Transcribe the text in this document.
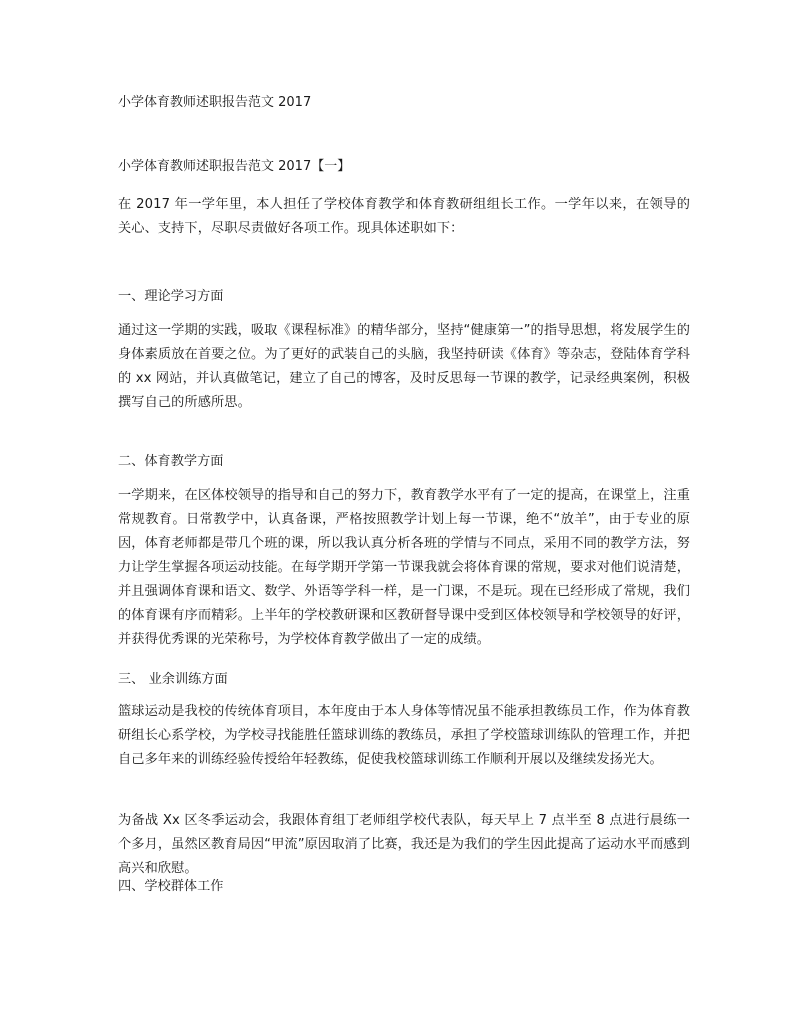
小学体育教师述职报告范文 2017
小学体育教师述职报告范文 2017【一】

在 2017 年一学年里，本人担任了学校体育教学和体育教研组组长工作。一学年以来，在领导的关心、支持下，尽职尽责做好各项工作。现具体述职如下：

一、理论学习方面

通过这一学期的实践，吸取《课程标准》的精华部分，坚持“健康第一”的指导思想，将发展学生的身体素质放在首要之位。为了更好的武装自己的头脑，我坚持研读《体育》等杂志，登陆体育学科的 xx 网站，并认真做笔记，建立了自己的博客，及时反思每一节课的教学，记录经典案例，积极撰写自己的所感所思。

二、体育教学方面

一学期来，在区体校领导的指导和自己的努力下，教育教学水平有了一定的提高，在课堂上，注重常规教育。日常教学中，认真备课，严格按照教学计划上每一节课，绝不“放羊”，由于专业的原因，体育老师都是带几个班的课，所以我认真分析各班的学情与不同点，采用不同的教学方法，努力让学生掌握各项运动技能。在每学期开学第一节课我就会将体育课的常规，要求对他们说清楚，并且强调体育课和语文、数学、外语等学科一样，是一门课，不是玩。现在已经形成了常规，我们的体育课有序而精彩。上半年的学校教研课和区教研督导课中受到区体校领导和学校领导的好评，并获得优秀课的光荣称号，为学校体育教学做出了一定的成绩。

三、 业余训练方面

篮球运动是我校的传统体育项目，本年度由于本人身体等情况虽不能承担教练员工作，作为体育教研组长心系学校，为学校寻找能胜任篮球训练的教练员，承担了学校篮球训练队的管理工作，并把自己多年来的训练经验传授给年轻教练，促使我校篮球训练工作顺利开展以及继续发扬光大。

为备战 Xx 区冬季运动会，我跟体育组丁老师组学校代表队，每天早上 7 点半至 8 点进行晨练一个多月，虽然区教育局因“甲流”原因取消了比赛，我还是为我们的学生因此提高了运动水平而感到高兴和欣慰。

四、学校群体工作
